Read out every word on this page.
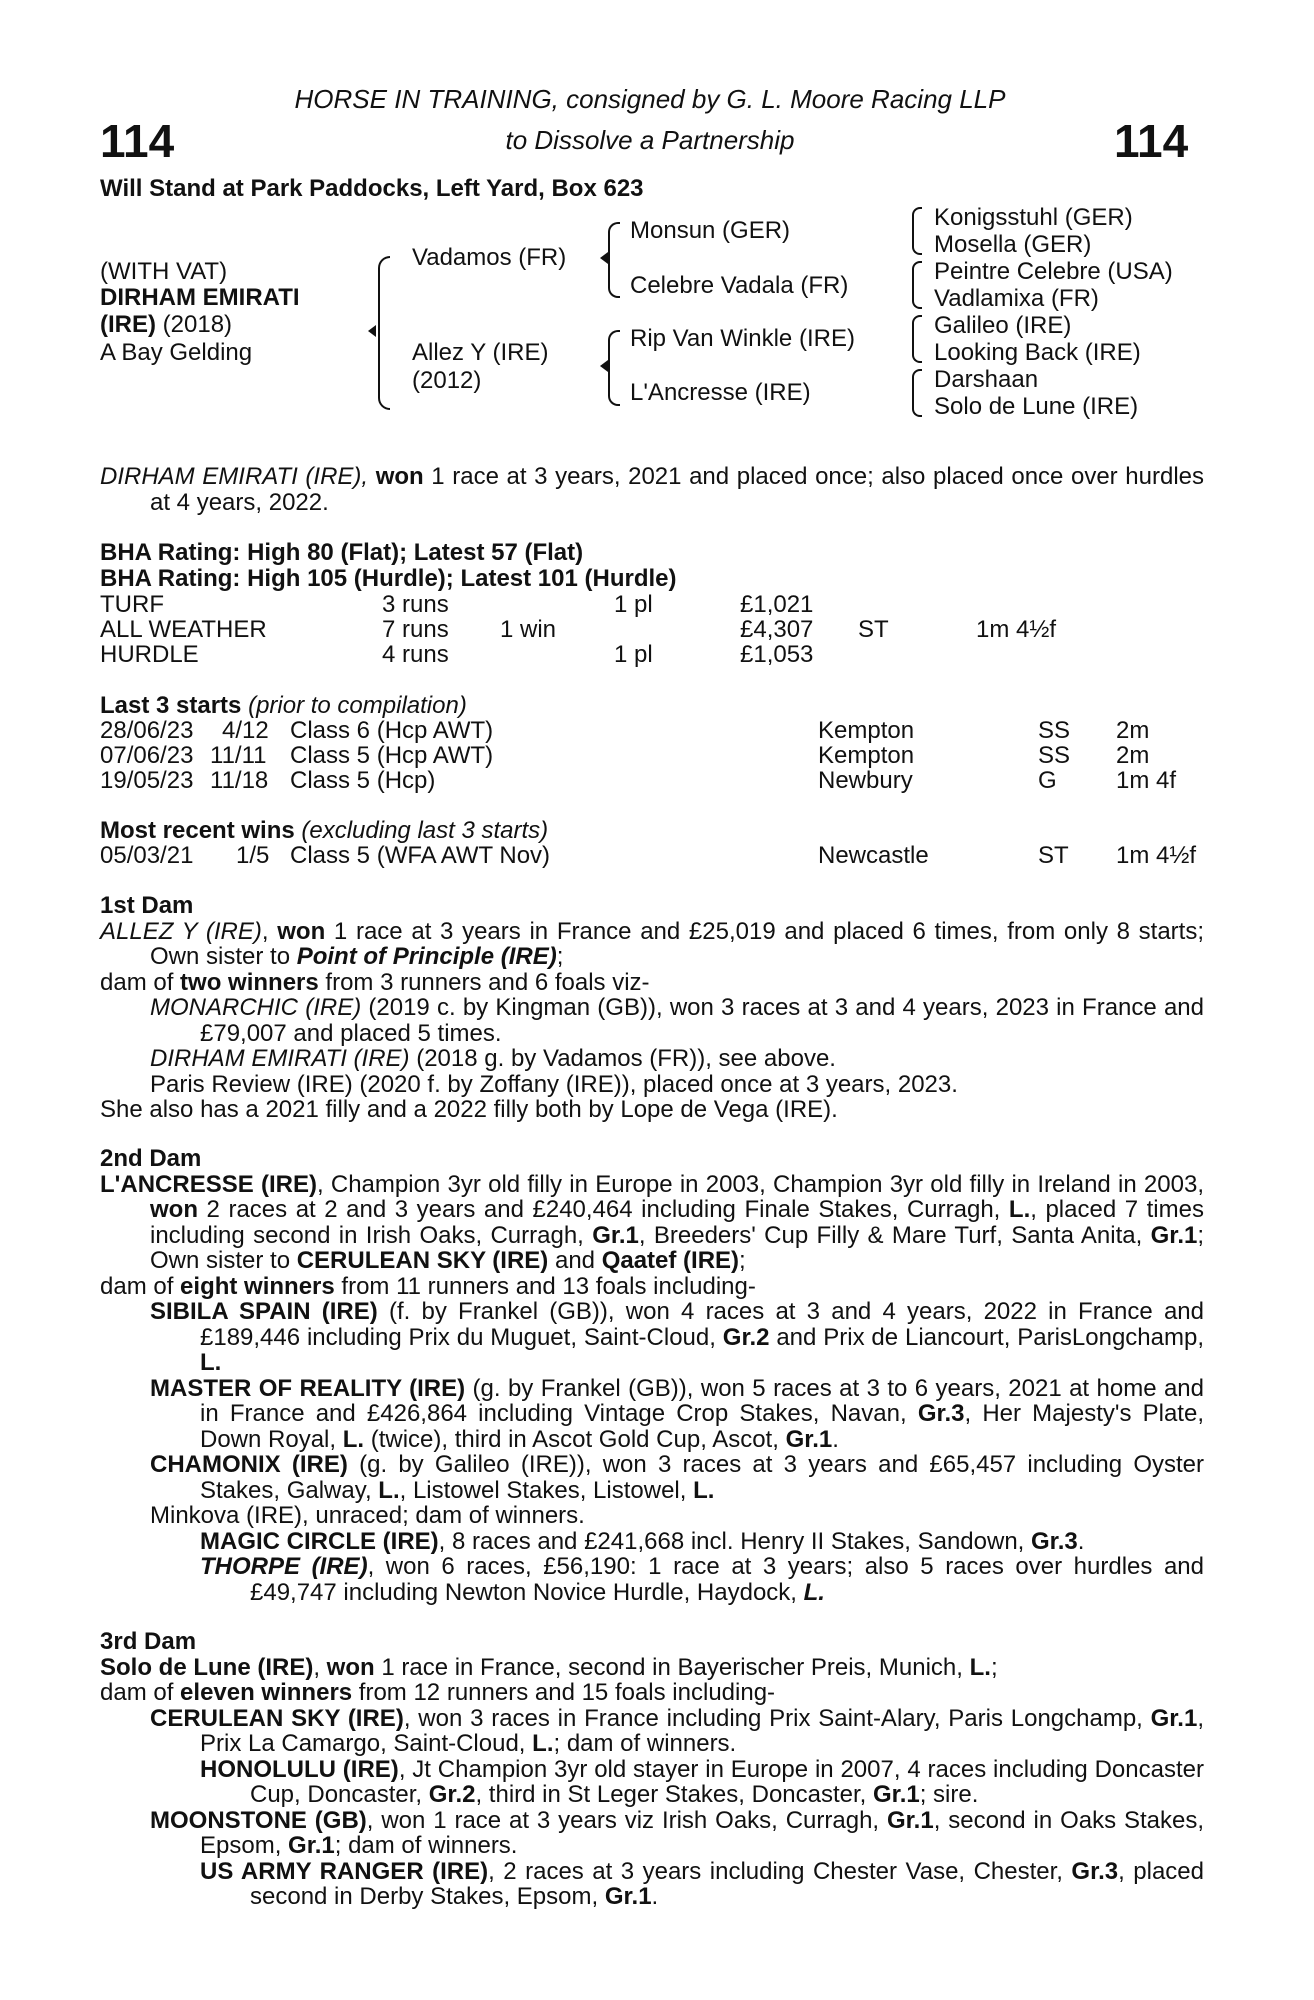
114	114
HORSE IN TRAINING, consigned by G. L. Moore Racing LLP
to Dissolve a Partnership
Will Stand at Park Paddocks, Left Yard, Box 623
(WITH VAT)
DIRHAM EMIRATI
(IRE) (2018)
A Bay Gelding
Vadamos (FR)
Allez Y (IRE)
(2012)
Monsun (GER)
Celebre Vadala (FR)
Rip Van Winkle (IRE)
L'Ancresse (IRE)
Konigsstuhl (GER)
Mosella (GER)
Peintre Celebre (USA)
Vadlamixa (FR)
Galileo (IRE)
Looking Back (IRE)
Darshaan
Solo de Lune (IRE)

DIRHAM EMIRATI (IRE), won 1 race at 3 years, 2021 and placed once; also placed once over hurdles at 4 years, 2022.

BHA Rating: High 80 (Flat); Latest 57 (Flat)
BHA Rating: High 105 (Hurdle); Latest 101 (Hurdle)
TURF	3 runs	1 pl	£1,021
ALL WEATHER	7 runs 1 win	£4,307 ST	1m 4½f
HURDLE	4 runs	1 pl	£1,053
Last 3 starts (prior to compilation)
28/06/23 4/12 Class 6 (Hcp AWT)	Kempton	SS 2m
07/06/23 11/11 Class 5 (Hcp AWT)	Kempton	SS 2m
19/05/23 11/18 Class 5 (Hcp)	Newbury	G 1m 4f
Most recent wins (excluding last 3 starts)
05/03/21 1/5 Class 5 (WFA AWT Nov)	Newcastle	ST 1m 4½f

1st Dam

ALLEZ Y (IRE), won 1 race at 3 years in France and £25,019 and placed 6 times, from only 8 starts; Own sister to Point of Principle (IRE);

dam of two winners from 3 runners and 6 foals viz-

MONARCHIC (IRE) (2019 c. by Kingman (GB)), won 3 races at 3 and 4 years, 2023 in France and £79,007 and placed 5 times.

DIRHAM EMIRATI (IRE) (2018 g. by Vadamos (FR)), see above.

Paris Review (IRE) (2020 f. by Zoffany (IRE)), placed once at 3 years, 2023.

She also has a 2021 filly and a 2022 filly both by Lope de Vega (IRE).

2nd Dam

L'ANCRESSE (IRE), Champion 3yr old filly in Europe in 2003, Champion 3yr old filly in Ireland in 2003, won 2 races at 2 and 3 years and £240,464 including Finale Stakes, Curragh, L., placed 7 times including second in Irish Oaks, Curragh, Gr.1, Breeders' Cup Filly & Mare Turf, Santa Anita, Gr.1; Own sister to CERULEAN SKY (IRE) and Qaatef (IRE);

dam of eight winners from 11 runners and 13 foals including-

SIBILA SPAIN (IRE) (f. by Frankel (GB)), won 4 races at 3 and 4 years, 2022 in France and £189,446 including Prix du Muguet, Saint-Cloud, Gr.2 and Prix de Liancourt, ParisLongchamp, L.

MASTER OF REALITY (IRE) (g. by Frankel (GB)), won 5 races at 3 to 6 years, 2021 at home and in France and £426,864 including Vintage Crop Stakes, Navan, Gr.3, Her Majesty's Plate, Down Royal, L. (twice), third in Ascot Gold Cup, Ascot, Gr.1.

CHAMONIX (IRE) (g. by Galileo (IRE)), won 3 races at 3 years and £65,457 including Oyster Stakes, Galway, L., Listowel Stakes, Listowel, L.

Minkova (IRE), unraced; dam of winners.

MAGIC CIRCLE (IRE), 8 races and £241,668 incl. Henry II Stakes, Sandown, Gr.3.

THORPE (IRE), won 6 races, £56,190: 1 race at 3 years; also 5 races over hurdles and £49,747 including Newton Novice Hurdle, Haydock, L.

3rd Dam

Solo de Lune (IRE), won 1 race in France, second in Bayerischer Preis, Munich, L.;

dam of eleven winners from 12 runners and 15 foals including-

CERULEAN SKY (IRE), won 3 races in France including Prix Saint-Alary, Paris Longchamp, Gr.1, Prix La Camargo, Saint-Cloud, L.; dam of winners.

HONOLULU (IRE), Jt Champion 3yr old stayer in Europe in 2007, 4 races including Doncaster Cup, Doncaster, Gr.2, third in St Leger Stakes, Doncaster, Gr.1; sire.

MOONSTONE (GB), won 1 race at 3 years viz Irish Oaks, Curragh, Gr.1, second in Oaks Stakes, Epsom, Gr.1; dam of winners.

US ARMY RANGER (IRE), 2 races at 3 years including Chester Vase, Chester, Gr.3, placed second in Derby Stakes, Epsom, Gr.1.
